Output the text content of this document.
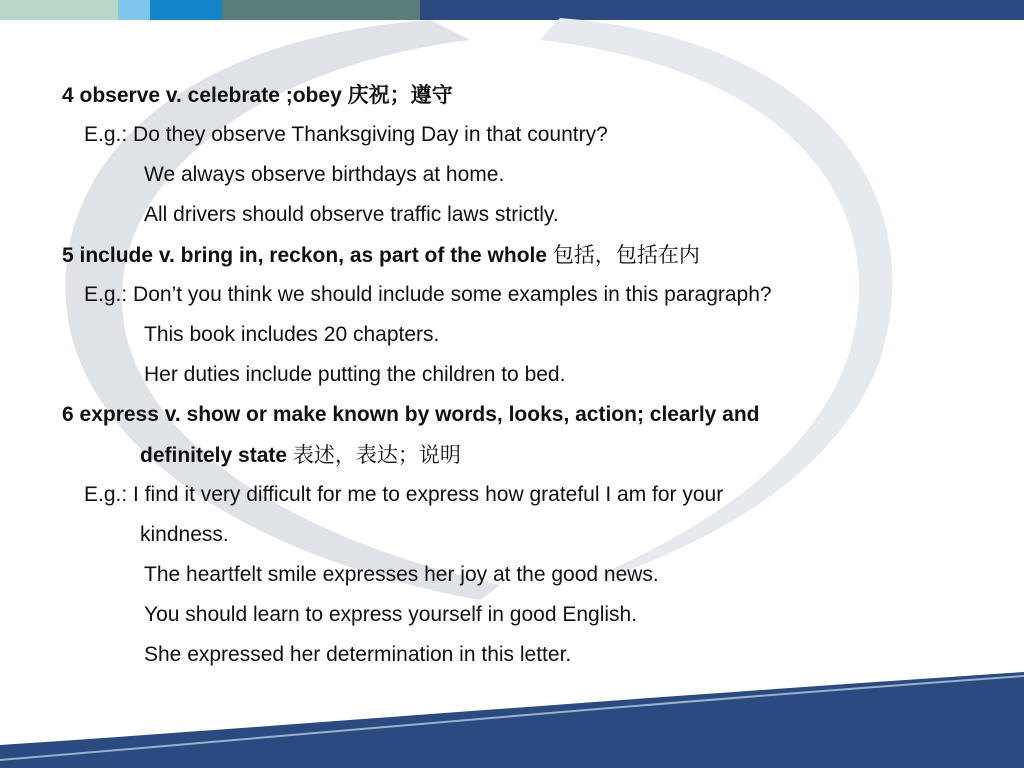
4 observe v. celebrate ;obey 庆祝；遵守
E.g.: Do they observe Thanksgiving Day in that country?
We always observe birthdays at home.
All drivers should observe traffic laws strictly.
5 include v. bring in, reckon, as part of the whole 包括，包括在内
E.g.: Don’t you think we should include some examples in this paragraph?
This book includes 20 chapters.
Her duties include putting the children to bed.
6 express v. show or make known by words, looks, action; clearly and
definitely state 表述，表达；说明
E.g.: I find it very difficult for me to express how grateful I am for your
kindness.
The heartfelt smile expresses her joy at the good news.
You should learn to express yourself in good English.
She expressed her determination in this letter.
